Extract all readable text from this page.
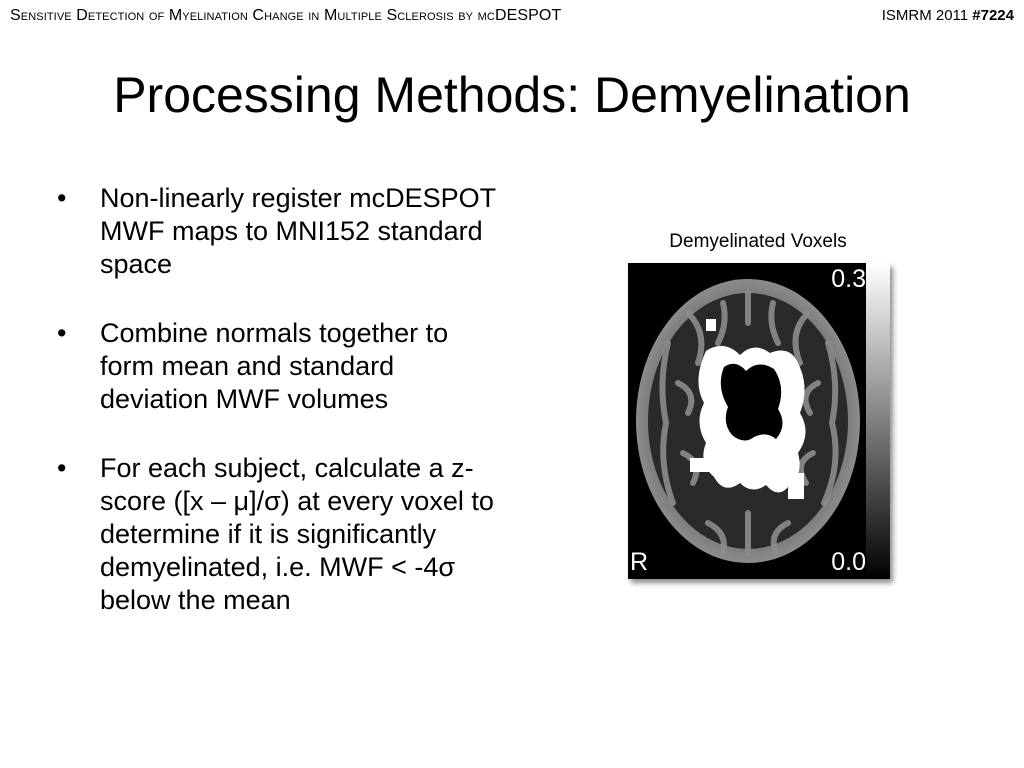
Sensitive Detection of Myelination Change in Multiple Sclerosis by mcDESPOT	ISMRM 2011 #7224
Processing Methods: Demyelination
• Non-linearly register mcDESPOT MWF maps to MNI152 standard space
• Combine normals together to form mean and standard deviation MWF volumes
• For each subject, calculate a z-score ([x – μ]/σ) at every voxel to determine if it is significantly demyelinated, i.e. MWF < -4σ below the mean
Demyelinated Voxels
0.3
0.0
R
